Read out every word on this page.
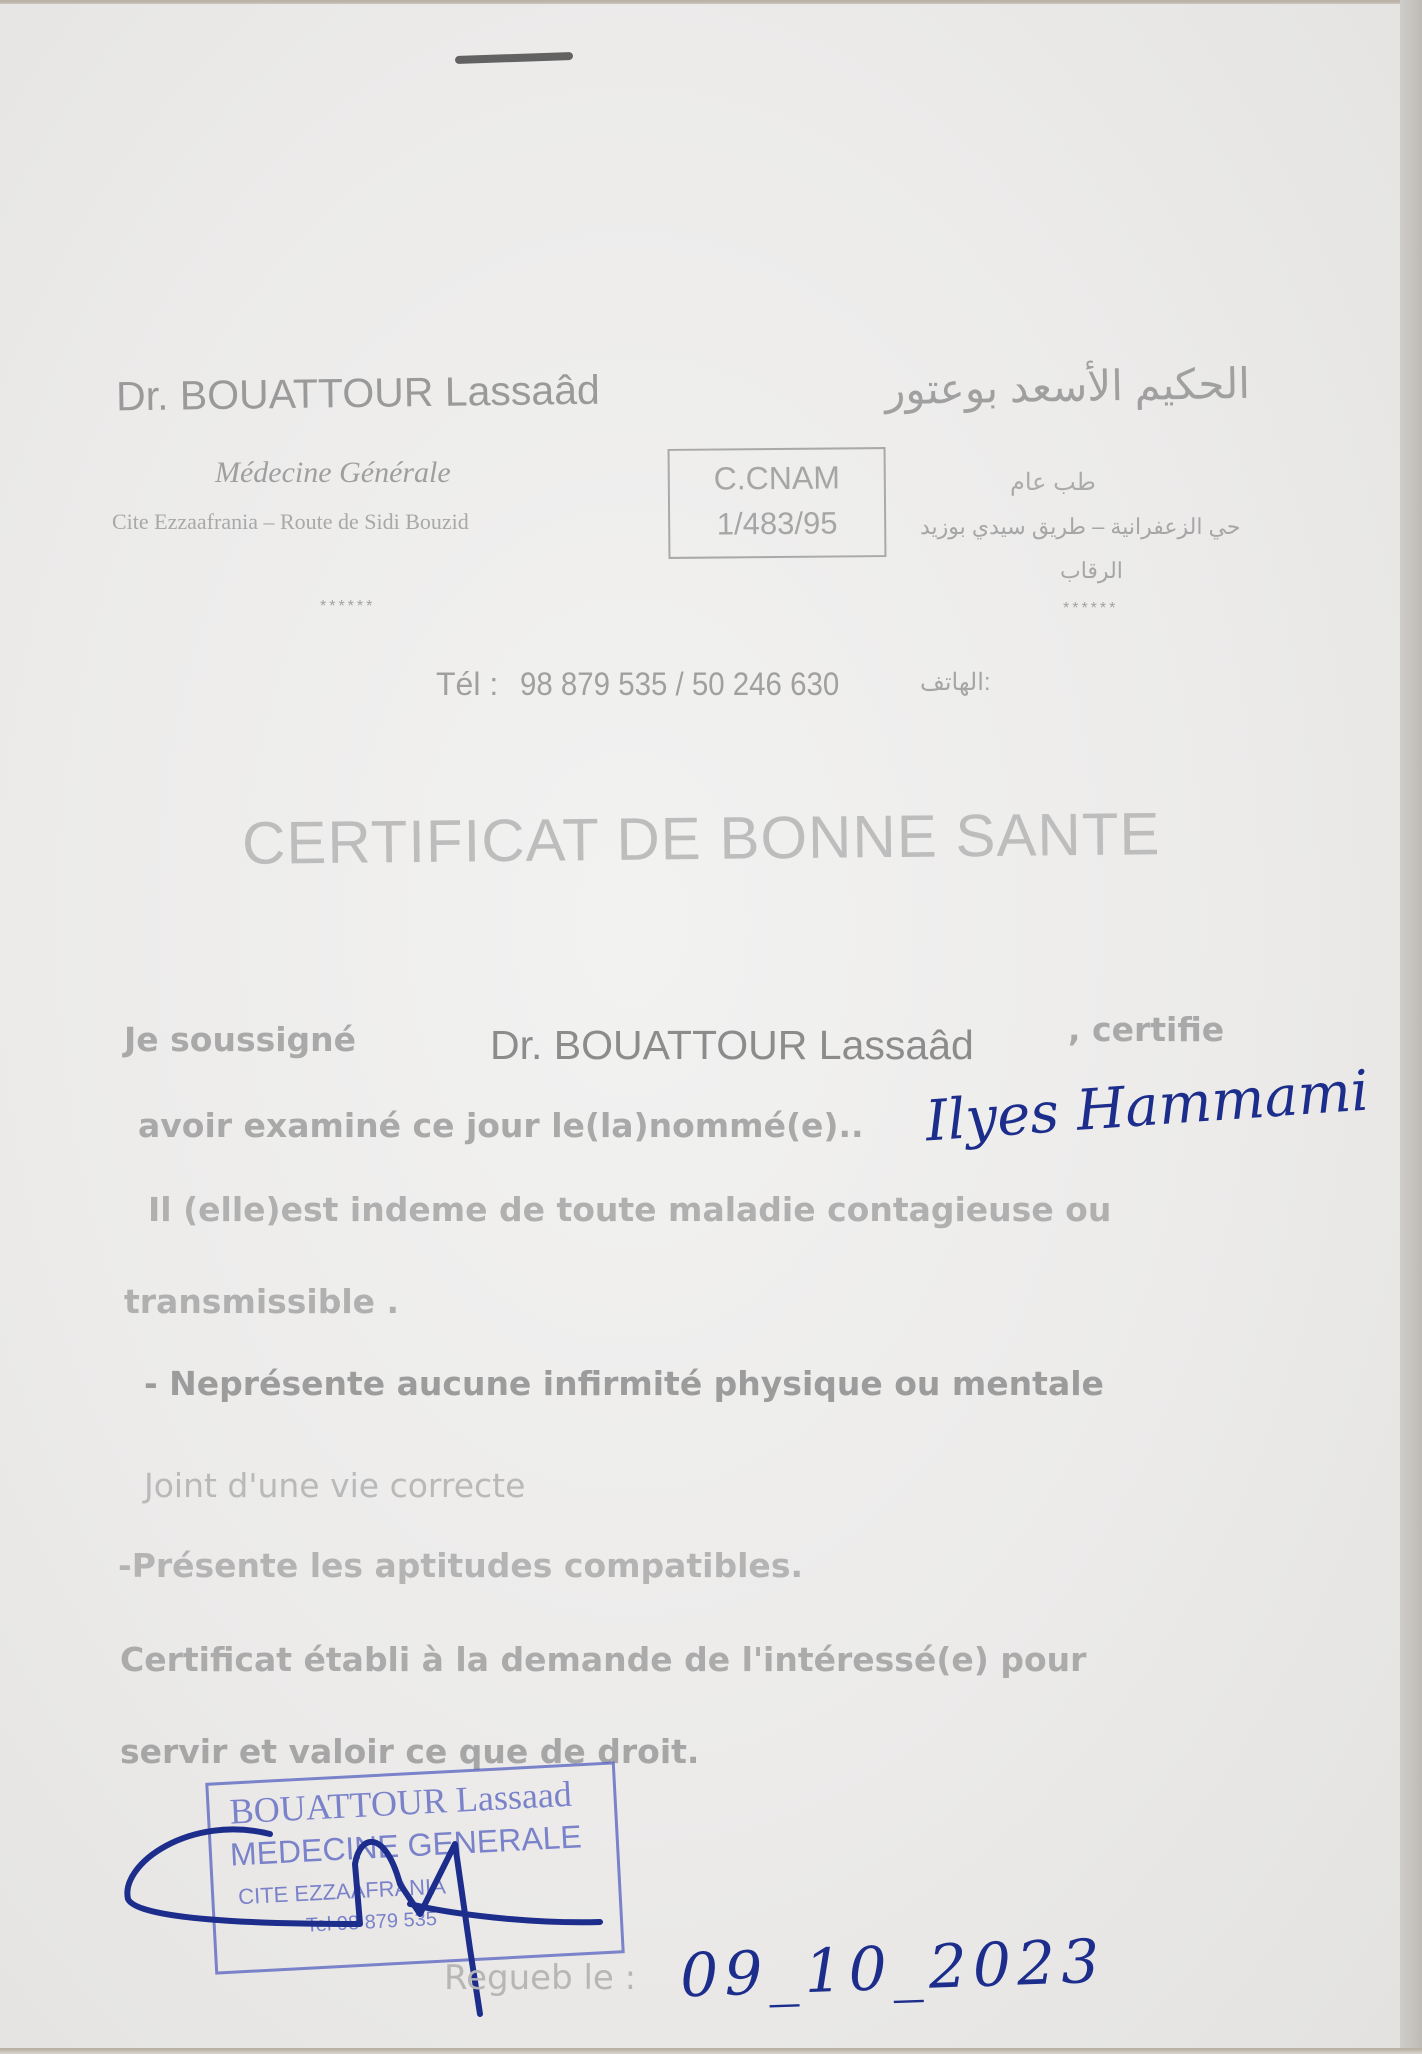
Dr. BOUATTOUR Lassaâd
Médecine Générale
Cite Ezzaafrania – Route de Sidi Bouzid
******
C.CNAM
1/483/95
الحكيم الأسعد بوعتور
طب عام
حي الزعفرانية – طريق سيدي بوزيد
الرقاب
******
Tél : 98 879 535 / 50 246 630	:الهاتف
CERTIFICAT DE BONNE SANTE
Je soussigné	Dr. BOUATTOUR Lassaâd	, certifie
avoir examiné ce jour le(la)nommé(e).. Ilyes Hammami
Il (elle)est indeme de toute maladie contagieuse ou
transmissible .
- Neprésente aucune infirmité physique ou mentale
Joint d'une vie correcte
-Présente les aptitudes compatibles.
Certificat établi à la demande de l'intéressé(e) pour
servir et valoir ce que de droit.
BOUATTOUR Lassaad
MEDECINE GENERALE
CITE EZZAAFRANIA
Tel 98 879 535
Regueb le : 09_10_2023
